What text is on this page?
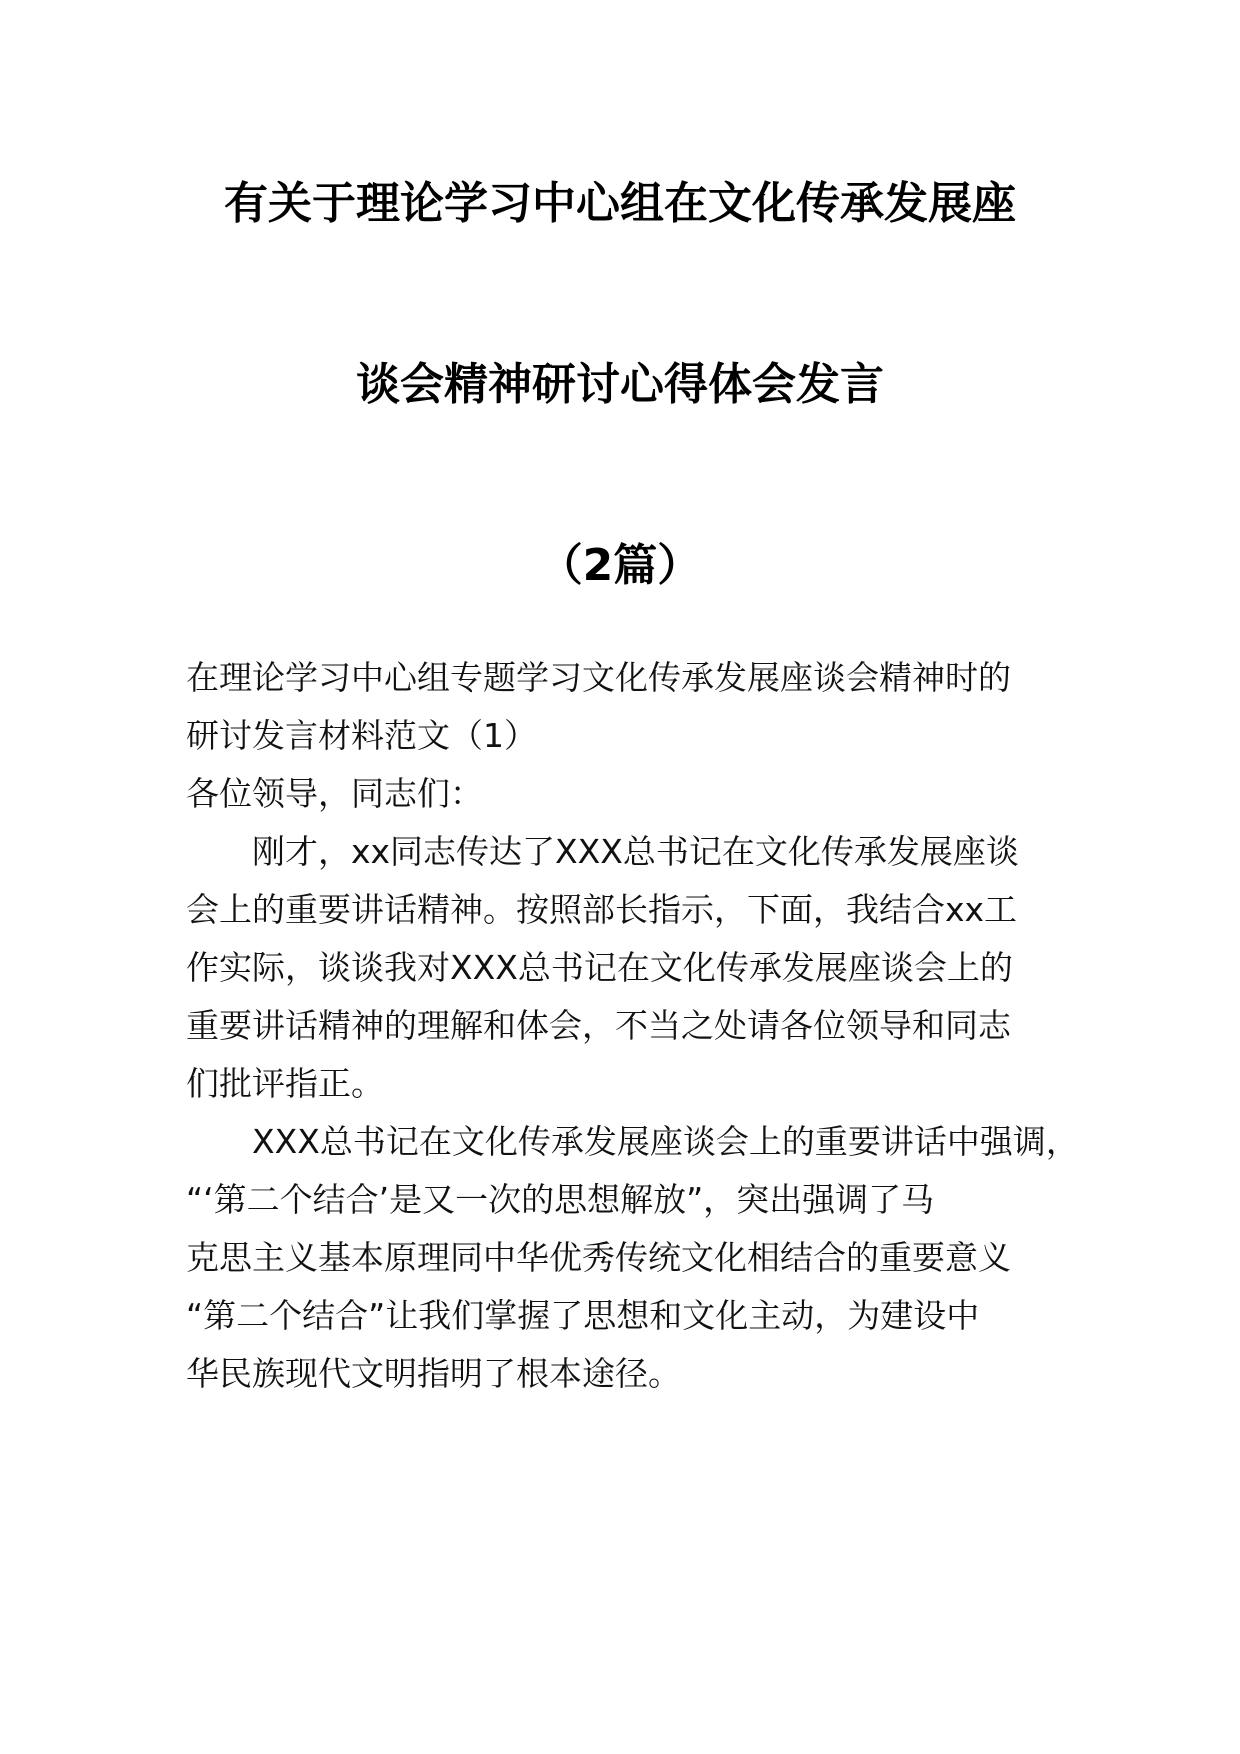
有关于理论学习中心组在文化传承发展座
谈会精神研讨心得体会发言
（2篇）
在理论学习中心组专题学习文化传承发展座谈会精神时的
研讨发言材料范文（1）
各位领导，同志们：
　　刚才，xx同志传达了XXX总书记在文化传承发展座谈
会上的重要讲话精神。按照部长指示，下面，我结合xx工
作实际，谈谈我对XXX总书记在文化传承发展座谈会上的
重要讲话精神的理解和体会，不当之处请各位领导和同志
们批评指正。
　　XXX总书记在文化传承发展座谈会上的重要讲话中强调，
“‘第二个结合’是又一次的思想解放”，突出强调了马
克思主义基本原理同中华优秀传统文化相结合的重要意义
“第二个结合”让我们掌握了思想和文化主动，为建设中
华民族现代文明指明了根本途径。
